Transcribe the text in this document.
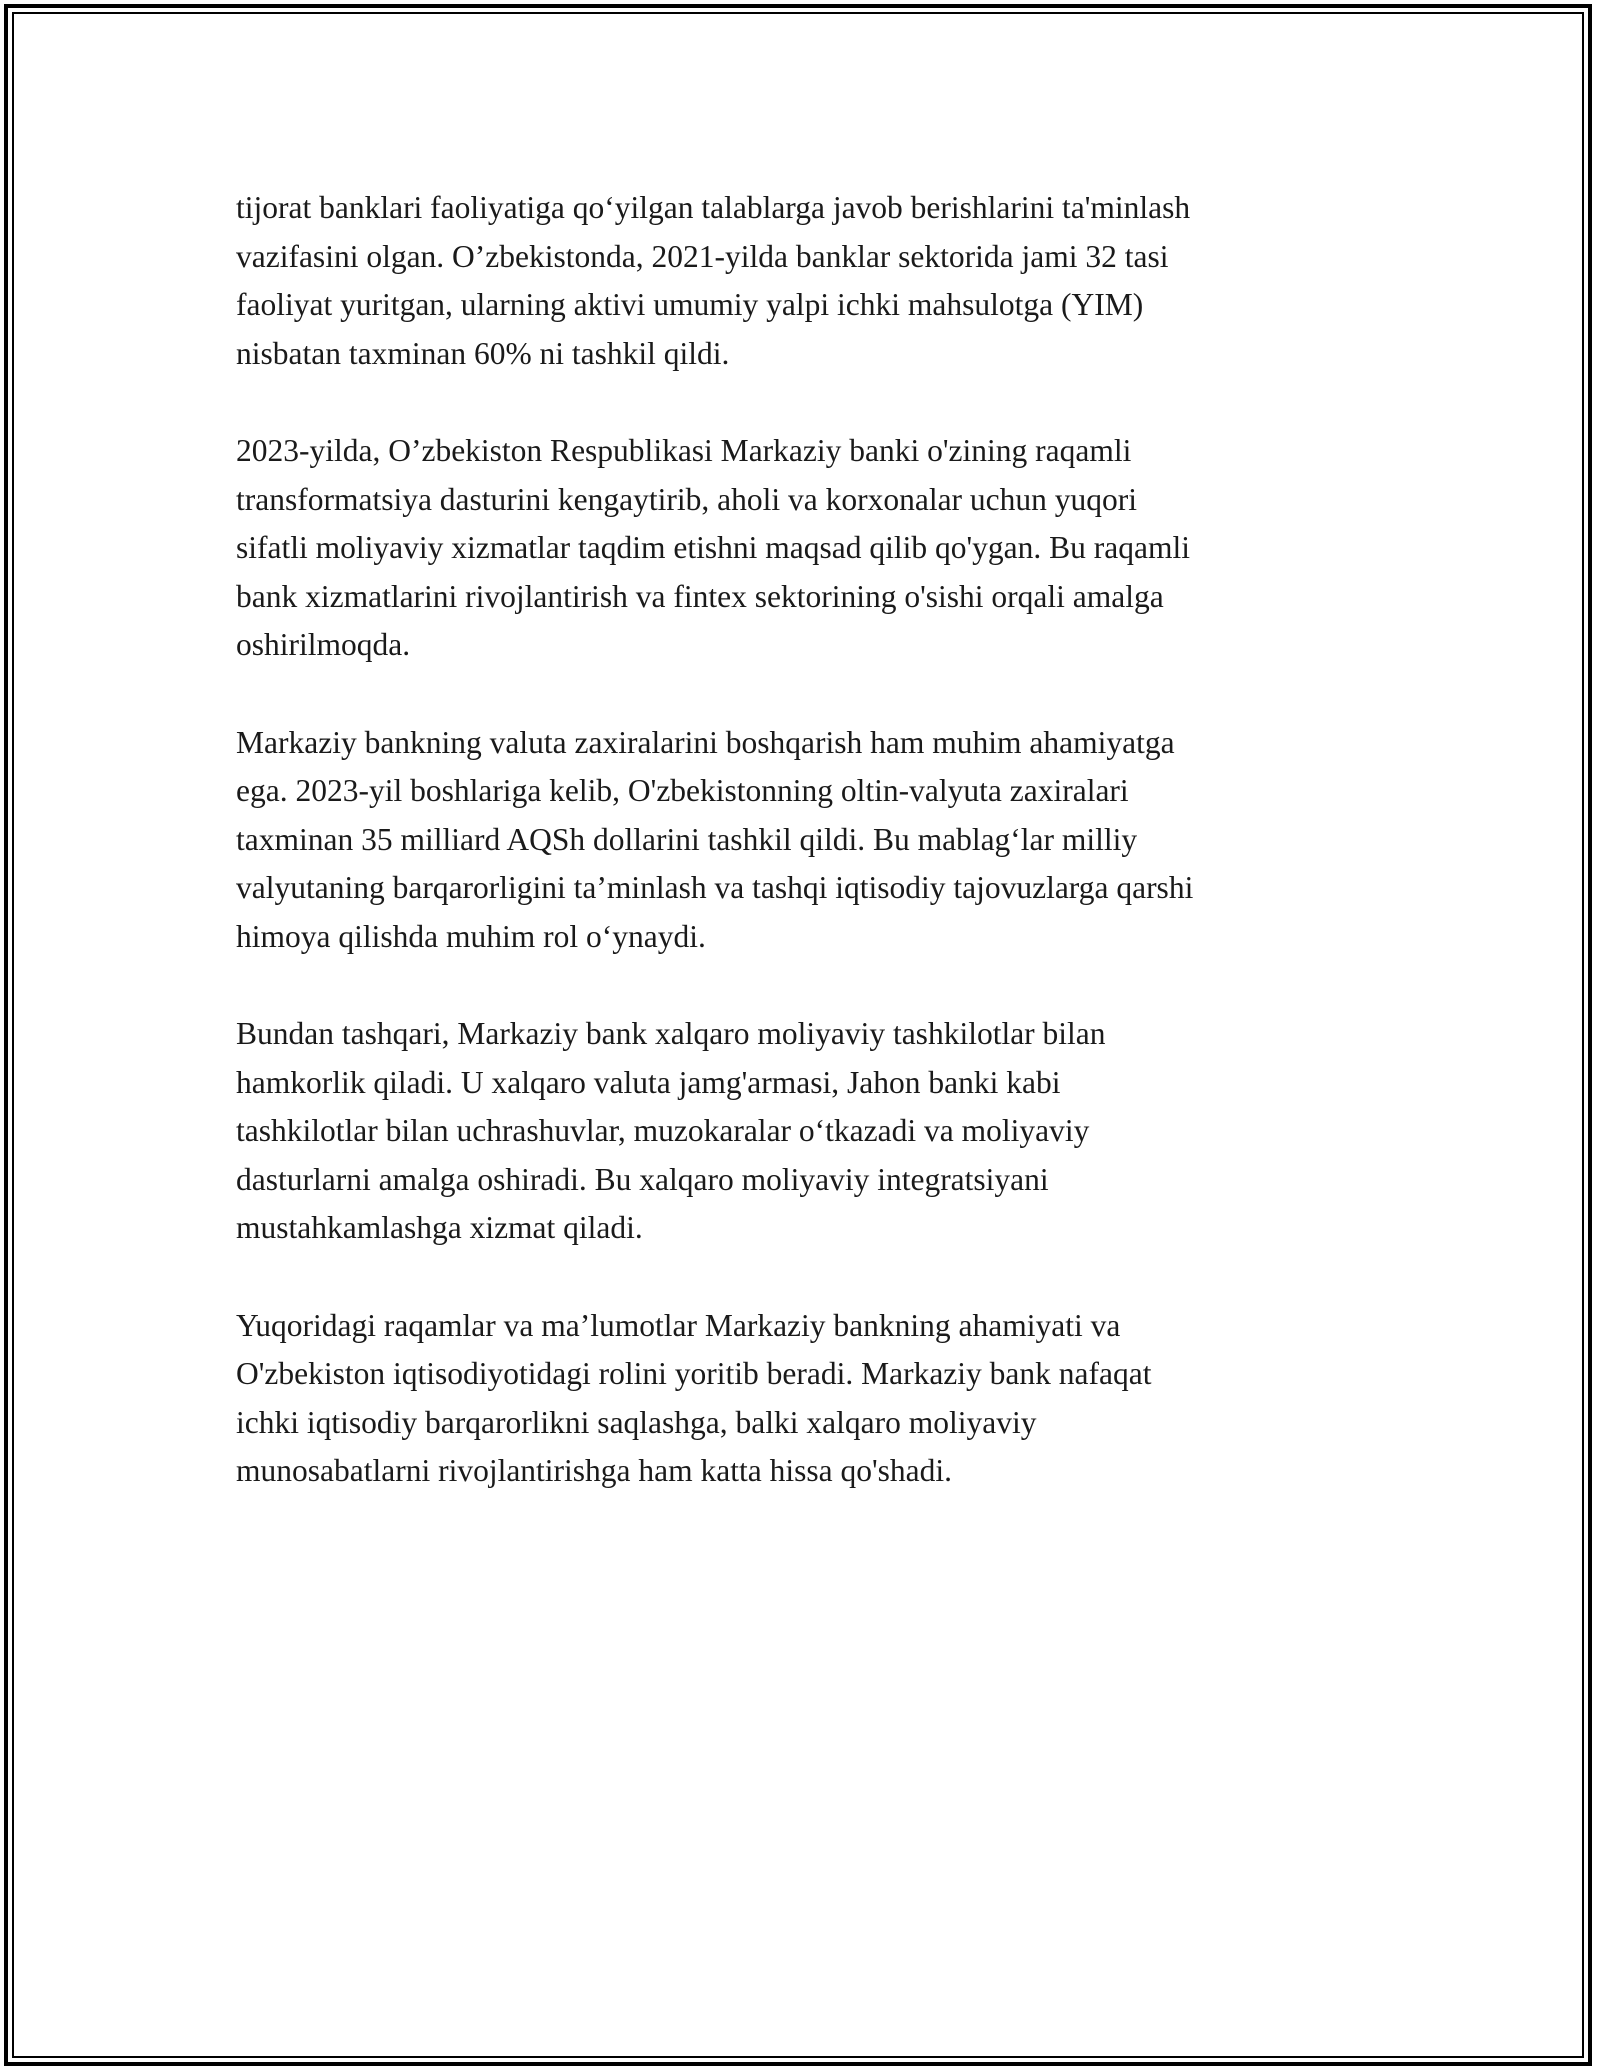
tijorat banklari faoliyatiga qo‘yilgan talablarga javob berishlarini ta'minlash
vazifasini olgan. O’zbekistonda, 2021-yilda banklar sektorida jami 32 tasi
faoliyat yuritgan, ularning aktivi umumiy yalpi ichki mahsulotga (YIM)
nisbatan taxminan 60% ni tashkil qildi.

2023-yilda, O’zbekiston Respublikasi Markaziy banki o'zining raqamli
transformatsiya dasturini kengaytirib, aholi va korxonalar uchun yuqori
sifatli moliyaviy xizmatlar taqdim etishni maqsad qilib qo'ygan. Bu raqamli
bank xizmatlarini rivojlantirish va fintex sektorining o'sishi orqali amalga
oshirilmoqda.

Markaziy bankning valuta zaxiralarini boshqarish ham muhim ahamiyatga
ega. 2023-yil boshlariga kelib, O'zbekistonning oltin-valyuta zaxiralari
taxminan 35 milliard AQSh dollarini tashkil qildi. Bu mablag‘lar milliy
valyutaning barqarorligini ta’minlash va tashqi iqtisodiy tajovuzlarga qarshi
himoya qilishda muhim rol o‘ynaydi.

Bundan tashqari, Markaziy bank xalqaro moliyaviy tashkilotlar bilan
hamkorlik qiladi. U xalqaro valuta jamg'armasi, Jahon banki kabi
tashkilotlar bilan uchrashuvlar, muzokaralar o‘tkazadi va moliyaviy
dasturlarni amalga oshiradi. Bu xalqaro moliyaviy integratsiyani
mustahkamlashga xizmat qiladi.

Yuqoridagi raqamlar va ma’lumotlar Markaziy bankning ahamiyati va
O'zbekiston iqtisodiyotidagi rolini yoritib beradi. Markaziy bank nafaqat
ichki iqtisodiy barqarorlikni saqlashga, balki xalqaro moliyaviy
munosabatlarni rivojlantirishga ham katta hissa qo'shadi.
